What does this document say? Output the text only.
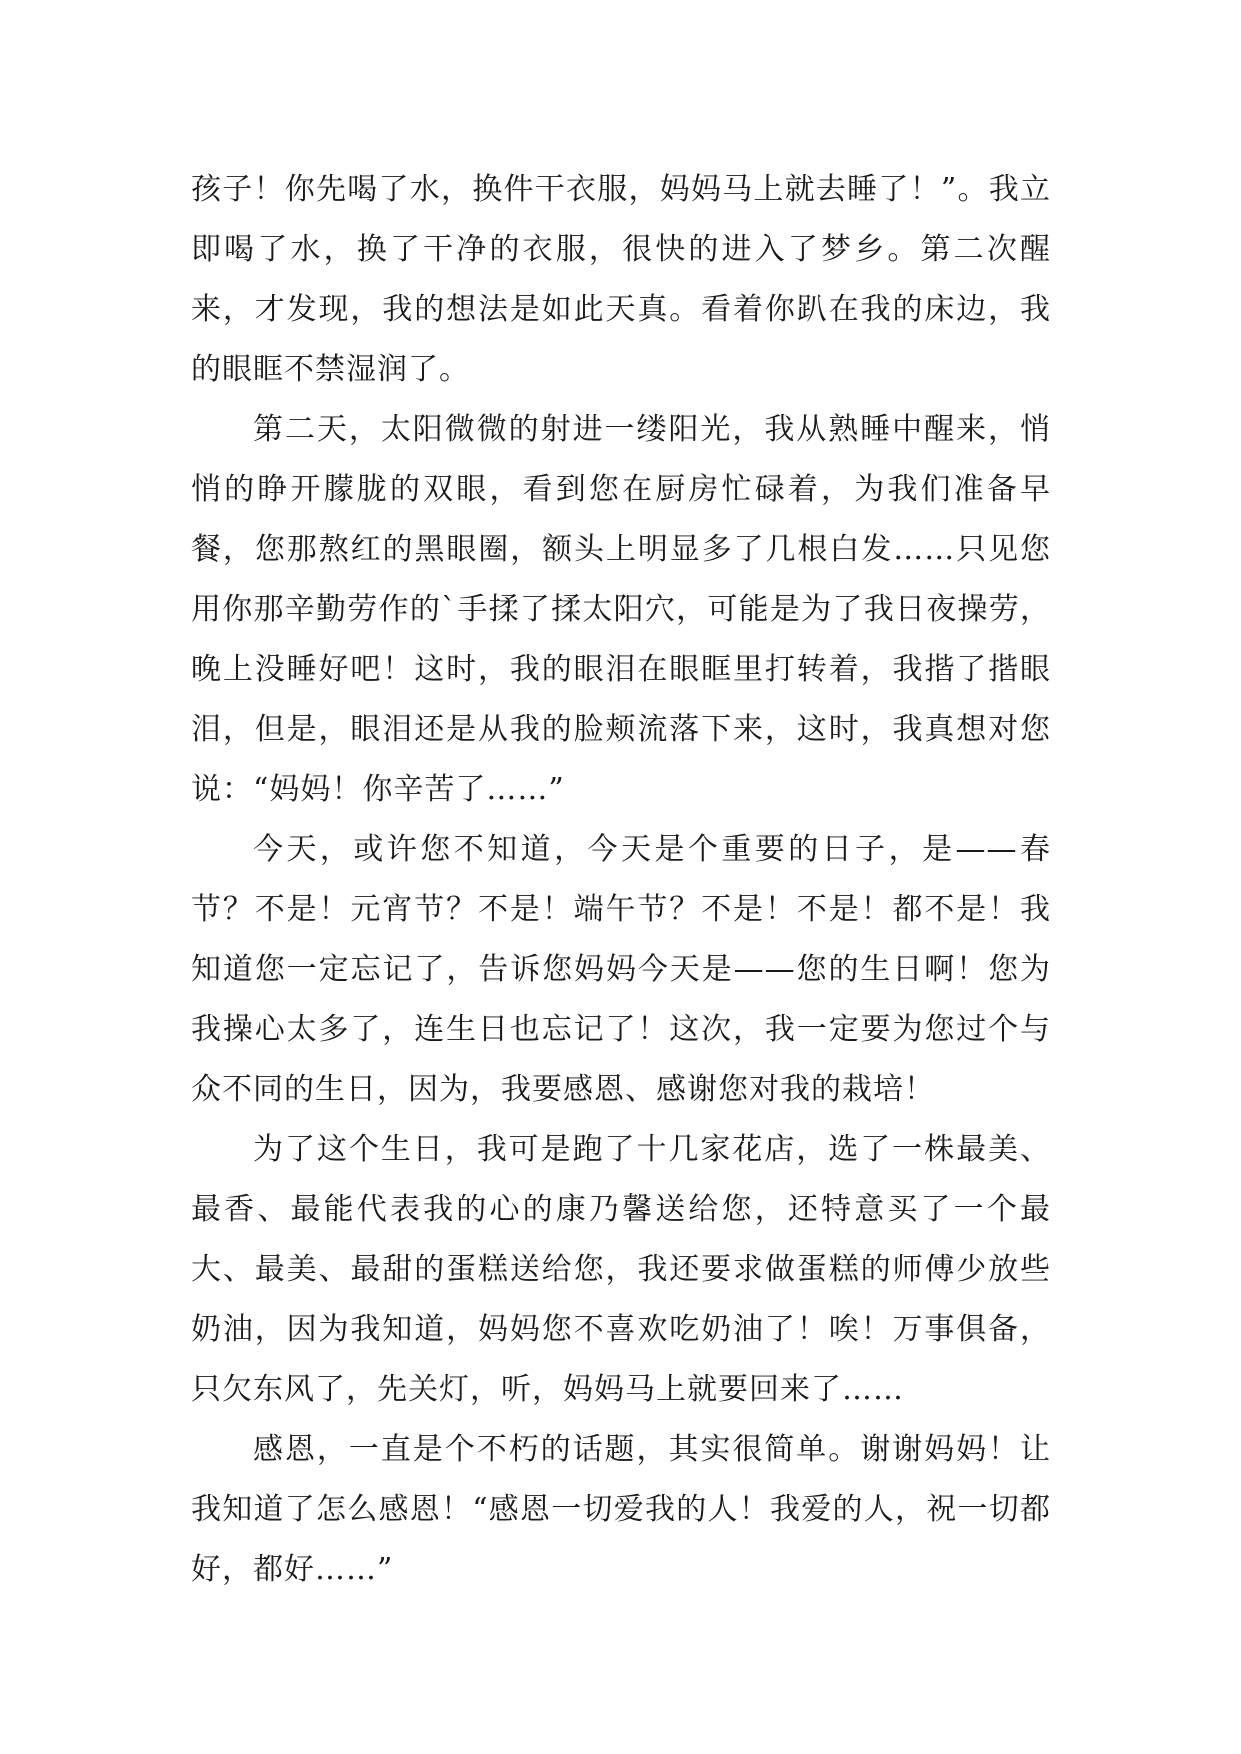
孩子！你先喝了水，换件干衣服，妈妈马上就去睡了！”。我立即喝了水，换了干净的衣服，很快的进入了梦乡。第二次醒来，才发现，我的想法是如此天真。看着你趴在我的床边，我的眼眶不禁湿润了。

第二天，太阳微微的射进一缕阳光，我从熟睡中醒来，悄悄的睁开朦胧的双眼，看到您在厨房忙碌着，为我们准备早餐，您那熬红的黑眼圈，额头上明显多了几根白发……只见您用你那辛勤劳作的`手揉了揉太阳穴，可能是为了我日夜操劳，晚上没睡好吧！这时，我的眼泪在眼眶里打转着，我揩了揩眼泪，但是，眼泪还是从我的脸颊流落下来，这时，我真想对您说：“妈妈！你辛苦了……”

今天，或许您不知道，今天是个重要的日子，是——春节？不是！元宵节？不是！端午节？不是！不是！都不是！我知道您一定忘记了，告诉您妈妈今天是——您的生日啊！您为我操心太多了，连生日也忘记了！这次，我一定要为您过个与众不同的生日，因为，我要感恩、感谢您对我的栽培！

为了这个生日，我可是跑了十几家花店，选了一株最美、最香、最能代表我的心的康乃馨送给您，还特意买了一个最大、最美、最甜的蛋糕送给您，我还要求做蛋糕的师傅少放些奶油，因为我知道，妈妈您不喜欢吃奶油了！唉！万事俱备，只欠东风了，先关灯，听，妈妈马上就要回来了……

感恩，一直是个不朽的话题，其实很简单。谢谢妈妈！让我知道了怎么感恩！“感恩一切爱我的人！我爱的人，祝一切都好，都好……”
